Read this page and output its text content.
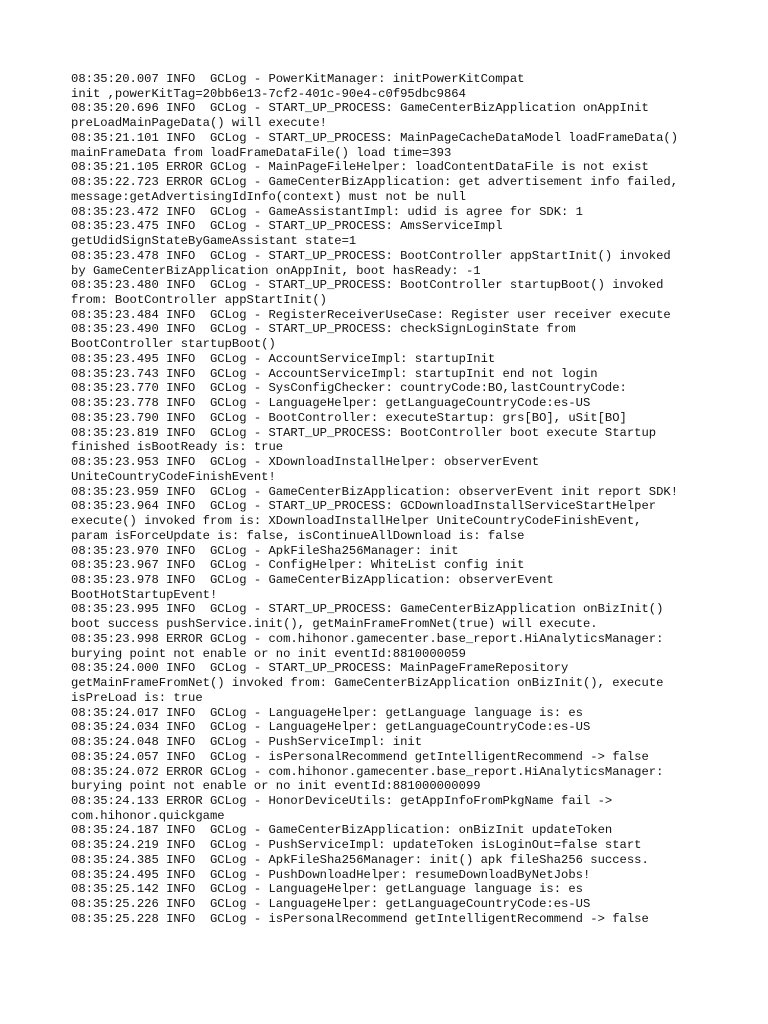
08:35:20.007 INFO  GCLog - PowerKitManager: initPowerKitCompat
init ,powerKitTag=20bb6e13-7cf2-401c-90e4-c0f95dbc9864
08:35:20.696 INFO  GCLog - START_UP_PROCESS: GameCenterBizApplication onAppInit
preLoadMainPageData() will execute!
08:35:21.101 INFO  GCLog - START_UP_PROCESS: MainPageCacheDataModel loadFrameData()
mainFrameData from loadFrameDataFile() load time=393
08:35:21.105 ERROR GCLog - MainPageFileHelper: loadContentDataFile is not exist
08:35:22.723 ERROR GCLog - GameCenterBizApplication: get advertisement info failed,
message:getAdvertisingIdInfo(context) must not be null
08:35:23.472 INFO  GCLog - GameAssistantImpl: udid is agree for SDK: 1
08:35:23.475 INFO  GCLog - START_UP_PROCESS: AmsServiceImpl
getUdidSignStateByGameAssistant state=1
08:35:23.478 INFO  GCLog - START_UP_PROCESS: BootController appStartInit() invoked
by GameCenterBizApplication onAppInit, boot hasReady: -1
08:35:23.480 INFO  GCLog - START_UP_PROCESS: BootController startupBoot() invoked
from: BootController appStartInit()
08:35:23.484 INFO  GCLog - RegisterReceiverUseCase: Register user receiver execute
08:35:23.490 INFO  GCLog - START_UP_PROCESS: checkSignLoginState from
BootController startupBoot()
08:35:23.495 INFO  GCLog - AccountServiceImpl: startupInit
08:35:23.743 INFO  GCLog - AccountServiceImpl: startupInit end not login
08:35:23.770 INFO  GCLog - SysConfigChecker: countryCode:BO,lastCountryCode:
08:35:23.778 INFO  GCLog - LanguageHelper: getLanguageCountryCode:es-US
08:35:23.790 INFO  GCLog - BootController: executeStartup: grs[BO], uSit[BO]
08:35:23.819 INFO  GCLog - START_UP_PROCESS: BootController boot execute Startup
finished isBootReady is: true
08:35:23.953 INFO  GCLog - XDownloadInstallHelper: observerEvent
UniteCountryCodeFinishEvent!
08:35:23.959 INFO  GCLog - GameCenterBizApplication: observerEvent init report SDK!
08:35:23.964 INFO  GCLog - START_UP_PROCESS: GCDownloadInstallServiceStartHelper
execute() invoked from is: XDownloadInstallHelper UniteCountryCodeFinishEvent,
param isForceUpdate is: false, isContinueAllDownload is: false
08:35:23.970 INFO  GCLog - ApkFileSha256Manager: init
08:35:23.967 INFO  GCLog - ConfigHelper: WhiteList config init
08:35:23.978 INFO  GCLog - GameCenterBizApplication: observerEvent
BootHotStartupEvent!
08:35:23.995 INFO  GCLog - START_UP_PROCESS: GameCenterBizApplication onBizInit()
boot success pushService.init(), getMainFrameFromNet(true) will execute.
08:35:23.998 ERROR GCLog - com.hihonor.gamecenter.base_report.HiAnalyticsManager:
burying point not enable or no init eventId:8810000059
08:35:24.000 INFO  GCLog - START_UP_PROCESS: MainPageFrameRepository
getMainFrameFromNet() invoked from: GameCenterBizApplication onBizInit(), execute
isPreLoad is: true
08:35:24.017 INFO  GCLog - LanguageHelper: getLanguage language is: es
08:35:24.034 INFO  GCLog - LanguageHelper: getLanguageCountryCode:es-US
08:35:24.048 INFO  GCLog - PushServiceImpl: init
08:35:24.057 INFO  GCLog - isPersonalRecommend getIntelligentRecommend -> false
08:35:24.072 ERROR GCLog - com.hihonor.gamecenter.base_report.HiAnalyticsManager:
burying point not enable or no init eventId:881000000099
08:35:24.133 ERROR GCLog - HonorDeviceUtils: getAppInfoFromPkgName fail ->
com.hihonor.quickgame
08:35:24.187 INFO  GCLog - GameCenterBizApplication: onBizInit updateToken
08:35:24.219 INFO  GCLog - PushServiceImpl: updateToken isLoginOut=false start
08:35:24.385 INFO  GCLog - ApkFileSha256Manager: init() apk fileSha256 success.
08:35:24.495 INFO  GCLog - PushDownloadHelper: resumeDownloadByNetJobs!
08:35:25.142 INFO  GCLog - LanguageHelper: getLanguage language is: es
08:35:25.226 INFO  GCLog - LanguageHelper: getLanguageCountryCode:es-US
08:35:25.228 INFO  GCLog - isPersonalRecommend getIntelligentRecommend -> false
